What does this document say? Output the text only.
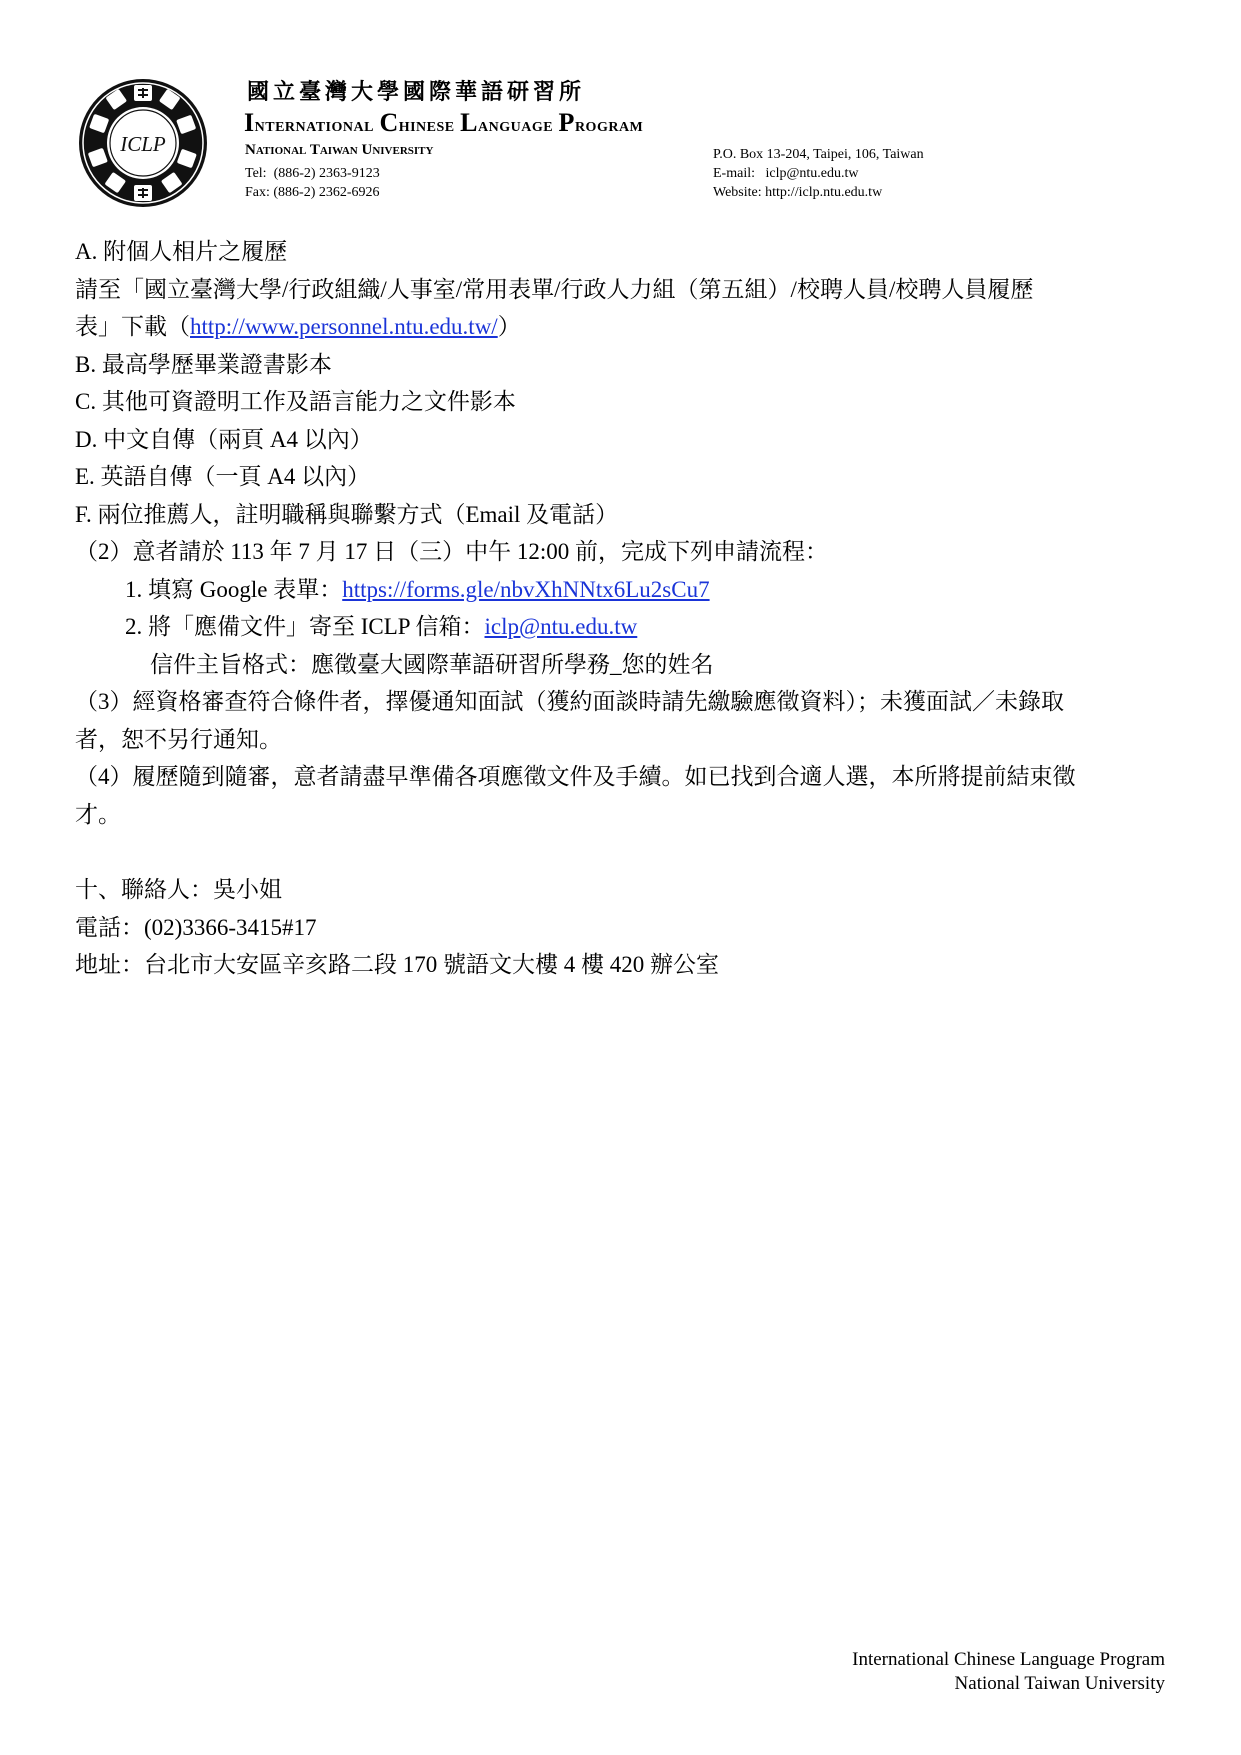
ICLP
國立臺灣大學國際華語研習所
International Chinese Language Program
National Taiwan University
Tel:  (886-2) 2363-9123
Fax: (886-2) 2362-6926
P.O. Box 13-204, Taipei, 106, Taiwan
E-mail:   iclp@ntu.edu.tw
Website: http://iclp.ntu.edu.tw

A. 附個人相片之履歷

請至「國立臺灣大學/行政組織/人事室/常用表單/行政人力組（第五組）/校聘人員/校聘人員履歷

表」下載（http://www.personnel.ntu.edu.tw/）

B. 最高學歷畢業證書影本

C. 其他可資證明工作及語言能力之文件影本

D. 中文自傳（兩頁 A4 以內）

E. 英語自傳（一頁 A4 以內）

F. 兩位推薦人，註明職稱與聯繫方式（Email 及電話）

（2）意者請於 113 年 7 月 17 日（三）中午 12:00 前，完成下列申請流程：

1. 填寫 Google 表單：https://forms.gle/nbvXhNNtx6Lu2sCu7

2. 將「應備文件」寄至 ICLP 信箱：iclp@ntu.edu.tw

信件主旨格式：應徵臺大國際華語研習所學務_您的姓名

（3）經資格審查符合條件者，擇優通知面試（獲約面談時請先繳驗應徵資料）；未獲面試／未錄取

者，恕不另行通知。

（4）履歷隨到隨審，意者請盡早準備各項應徵文件及手續。如已找到合適人選，本所將提前結束徵

才。

十、聯絡人：吳小姐

電話：(02)3366-3415#17

地址：台北市大安區辛亥路二段 170 號語文大樓 4 樓 420 辦公室

International Chinese Language Program
National Taiwan University
